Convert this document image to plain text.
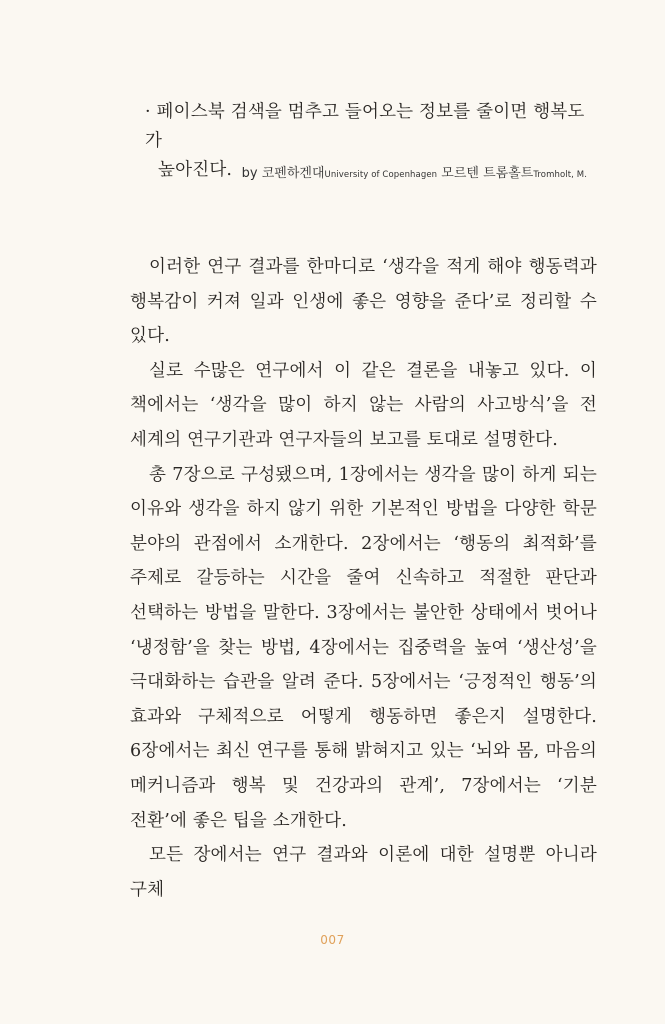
· 페이스북 검색을 멈추고 들어오는 정보를 줄이면 행복도가
높아진다. by 코펜하겐대University of Copenhagen 모르텐 트롬홀트Tromholt, M.

이러한 연구 결과를 한마디로 ‘생각을 적게 해야 행동력과 행복감이 커져 일과 인생에 좋은 영향을 준다’로 정리할 수 있다.

실로 수많은 연구에서 이 같은 결론을 내놓고 있다. 이 책에서는 ‘생각을 많이 하지 않는 사람의 사고방식’을 전 세계의 연구기관과 연구자들의 보고를 토대로 설명한다.

총 7장으로 구성됐으며, 1장에서는 생각을 많이 하게 되는 이유와 생각을 하지 않기 위한 기본적인 방법을 다양한 학문 분야의 관점에서 소개한다. 2장에서는 ‘행동의 최적화’를 주제로 갈등하는 시간을 줄여 신속하고 적절한 판단과 선택하는 방법을 말한다. 3장에서는 불안한 상태에서 벗어나 ‘냉정함’을 찾는 방법, 4장에서는 집중력을 높여 ‘생산성’을 극대화하는 습관을 알려 준다. 5장에서는 ‘긍정적인 행동’의 효과와 구체적으로 어떻게 행동하면 좋은지 설명한다. 6장에서는 최신 연구를 통해 밝혀지고 있는 ‘뇌와 몸, 마음의 메커니즘과 행복 및 건강과의 관계’, 7장에서는 ‘기분 전환’에 좋은 팁을 소개한다.

모든 장에서는 연구 결과와 이론에 대한 설명뿐 아니라 구체

007
